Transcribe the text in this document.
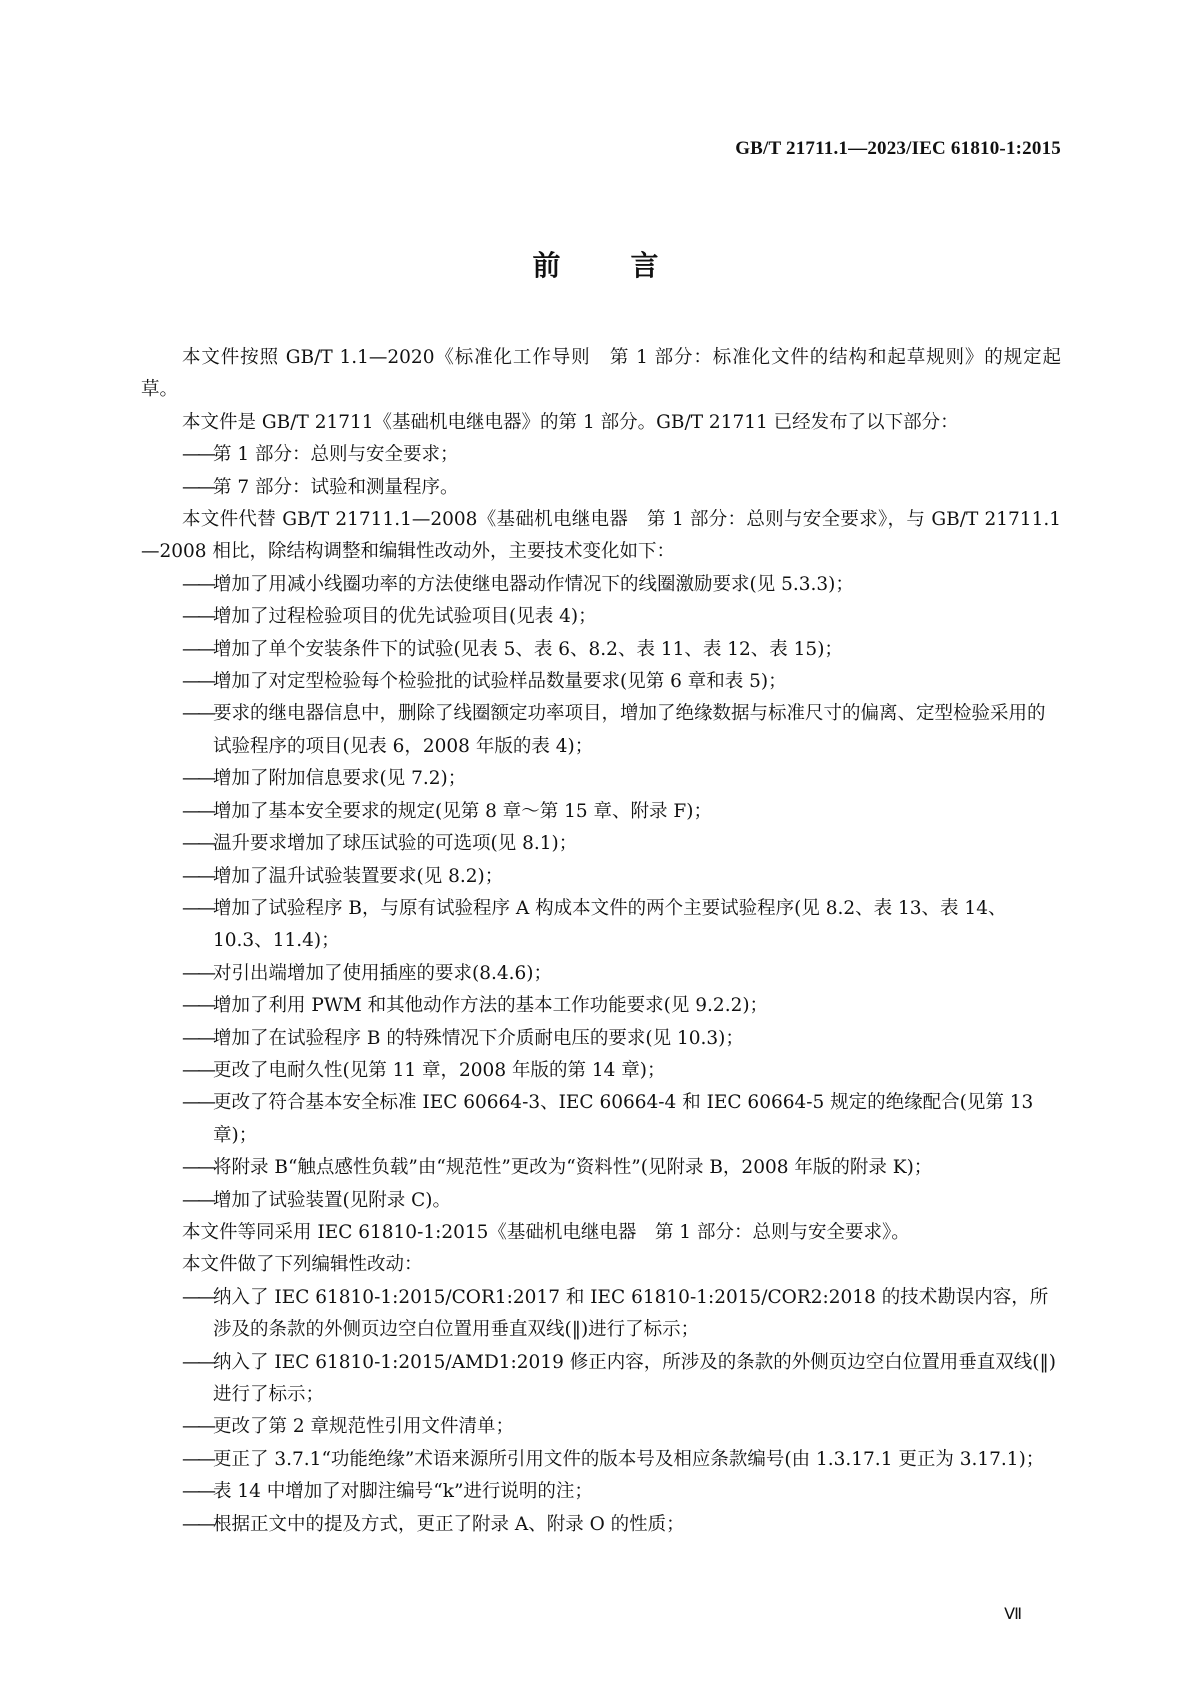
GB/T 21711.1—2023/IEC 61810-1:2015
前	言
本文件按照 GB/T 1.1—2020《标准化工作导则　第 1 部分：标准化文件的结构和起草规则》的规定起草。
本文件是 GB/T 21711《基础机电继电器》的第 1 部分。GB/T 21711 已经发布了以下部分：
—— 第 1 部分：总则与安全要求；
—— 第 7 部分：试验和测量程序。
本文件代替 GB/T 21711.1—2008《基础机电继电器　第 1 部分：总则与安全要求》，与 GB/T 21711.1—2008 相比，除结构调整和编辑性改动外，主要技术变化如下：
—— 增加了用减小线圈功率的方法使继电器动作情况下的线圈激励要求(见 5.3.3)；
—— 增加了过程检验项目的优先试验项目(见表 4)；
—— 增加了单个安装条件下的试验(见表 5、表 6、8.2、表 11、表 12、表 15)；
—— 增加了对定型检验每个检验批的试验样品数量要求(见第 6 章和表 5)；
—— 要求的继电器信息中，删除了线圈额定功率项目，增加了绝缘数据与标准尺寸的偏离、定型检验采用的试验程序的项目(见表 6，2008 年版的表 4)；
—— 增加了附加信息要求(见 7.2)；
—— 增加了基本安全要求的规定(见第 8 章～第 15 章、附录 F)；
—— 温升要求增加了球压试验的可选项(见 8.1)；
—— 增加了温升试验装置要求(见 8.2)；
—— 增加了试验程序 B，与原有试验程序 A 构成本文件的两个主要试验程序(见 8.2、表 13、表 14、10.3、11.4)；
—— 对引出端增加了使用插座的要求(8.4.6)；
—— 增加了利用 PWM 和其他动作方法的基本工作功能要求(见 9.2.2)；
—— 增加了在试验程序 B 的特殊情况下介质耐电压的要求(见 10.3)；
—— 更改了电耐久性(见第 11 章，2008 年版的第 14 章)；
—— 更改了符合基本安全标准 IEC 60664-3、IEC 60664-4 和 IEC 60664-5 规定的绝缘配合(见第 13 章)；
—— 将附录 B“触点感性负载”由“规范性”更改为“资料性”(见附录 B，2008 年版的附录 K)；
—— 增加了试验装置(见附录 C)。
本文件等同采用 IEC 61810-1:2015《基础机电继电器　第 1 部分：总则与安全要求》。
本文件做了下列编辑性改动：
—— 纳入了 IEC 61810-1:2015/COR1:2017 和 IEC 61810-1:2015/COR2:2018 的技术勘误内容，所涉及的条款的外侧页边空白位置用垂直双线(‖)进行了标示；
—— 纳入了 IEC 61810-1:2015/AMD1:2019 修正内容，所涉及的条款的外侧页边空白位置用垂直双线(‖)进行了标示；
—— 更改了第 2 章规范性引用文件清单；
—— 更正了 3.7.1“功能绝缘”术语来源所引用文件的版本号及相应条款编号(由 1.3.17.1 更正为 3.17.1)；
—— 表 14 中增加了对脚注编号“k”进行说明的注；
—— 根据正文中的提及方式，更正了附录 A、附录 O 的性质；
Ⅶ
